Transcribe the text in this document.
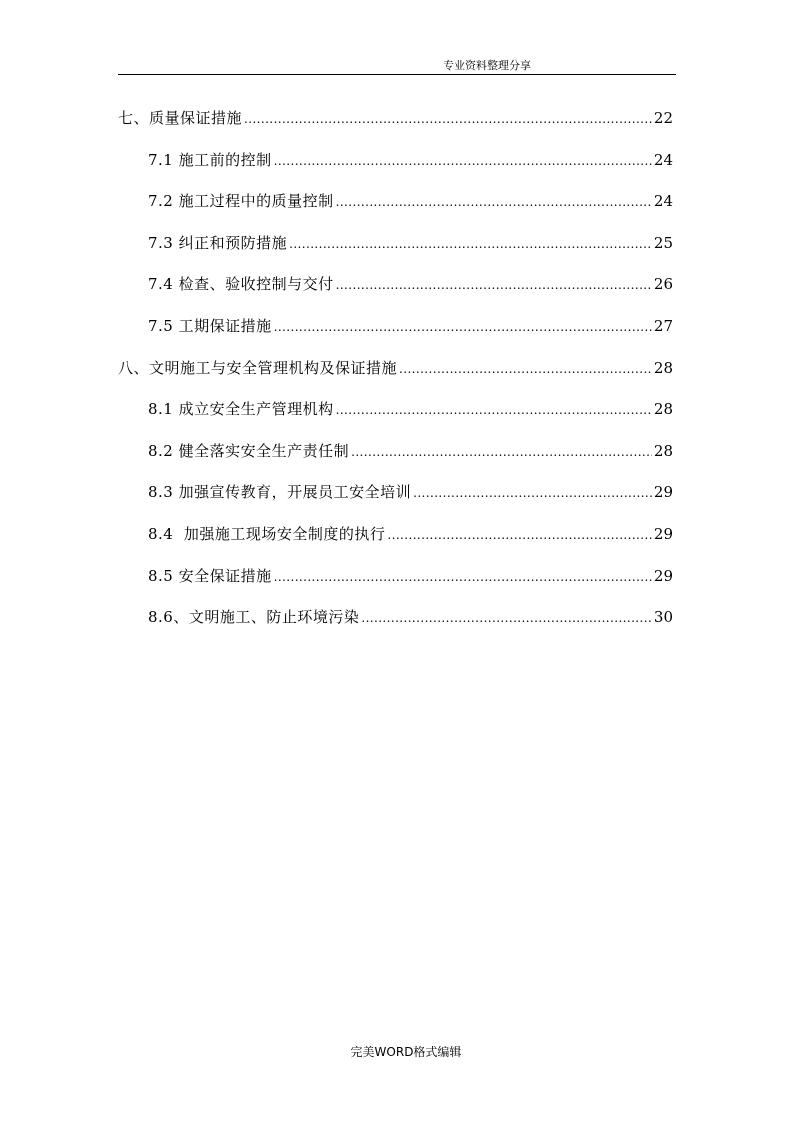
专业资料整理分享
七、质量保证措施 .....	22
7.1 施工前的控制 .....	24
7.2 施工过程中的质量控制 .....	24
7.3 纠正和预防措施 .....	25
7.4 检查、验收控制与交付 .....	26
7.5 工期保证措施 .....	27
八、文明施工与安全管理机构及保证措施 .....	28
8.1 成立安全生产管理机构 .....	28
8.2 健全落实安全生产责任制 .....	28
8.3 加强宣传教育，开展员工安全培训 .....	29
8.4  加强施工现场安全制度的执行 .....	29
8.5 安全保证措施 .....	29
8.6、文明施工、防止环境污染 .....	30
完美WORD格式编辑
